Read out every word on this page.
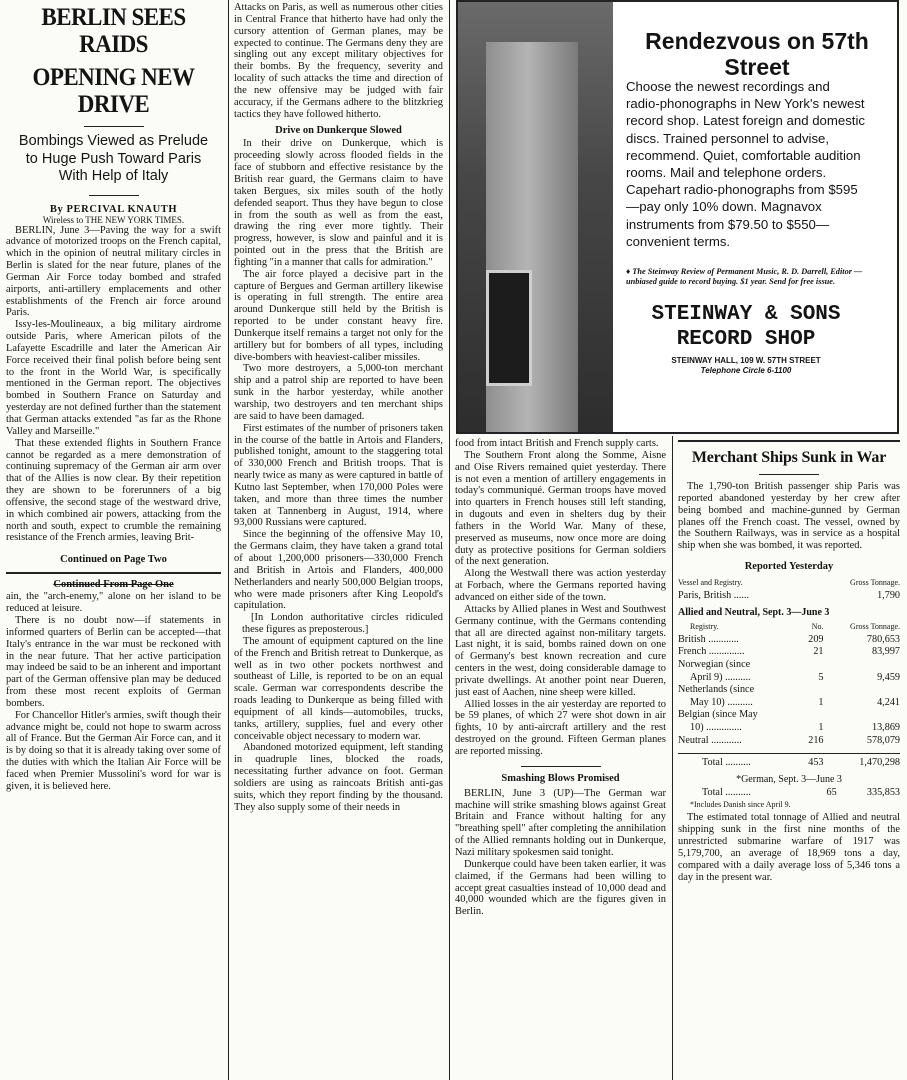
BERLIN SEES RAIDS

OPENING NEW DRIVE

Bombings Viewed as Prelude to Huge Push Toward Paris With Help of Italy

By PERCIVAL KNAUTH

Wireless to THE NEW YORK TIMES.

BERLIN, June 3—Paving the way for a swift advance of motorized troops on the French capital, which in the opinion of neutral military circles in Berlin is slated for the near future, planes of the German Air Force today bombed and strafed airports, anti-artillery emplacements and other establishments of the French air force around Paris.

Issy-les-Moulineaux, a big military airdrome outside Paris, where American pilots of the Lafayette Escadrille and later the American Air Force received their final polish before being sent to the front in the World War, is specifically mentioned in the German report. The objectives bombed in Southern France on Saturday and yesterday are not defined further than the statement that German attacks extended "as far as the Rhone Valley and Marseille."

That these extended flights in Southern France cannot be regarded as a mere demonstration of continuing supremacy of the German air arm over that of the Allies is now clear. By their repetition they are shown to be forerunners of a big offensive, the second stage of the westward drive, in which combined air powers, attacking from the north and south, expect to crumble the remaining resistance of the French armies, leaving Brit-

Continued on Page Two

Continued From Page One

ain, the "arch-enemy," alone on her island to be reduced at leisure.

There is no doubt now—if statements in informed quarters of Berlin can be accepted—that Italy's entrance in the war must be reckoned with in the near future. That her active participation may indeed be said to be an inherent and important part of the German offensive plan may be deduced from these most recent exploits of German bombers.

For Chancellor Hitler's armies, swift though their advance might be, could not hope to swarm across all of France. But the German Air Force can, and it is by doing so that it is already taking over some of the duties with which the Italian Air Force will be faced when Premier Mussolini's word for war is given, it is believed here.

Attacks on Paris, as well as numerous other cities in Central France that hitherto have had only the cursory attention of German planes, may be expected to continue. The Germans deny they are singling out any except military objectives for their bombs. By the frequency, severity and locality of such attacks the time and direction of the new offensive may be judged with fair accuracy, if the Germans adhere to the blitzkrieg tactics they have followed hitherto.

Drive on Dunkerque Slowed

In their drive on Dunkerque, which is proceeding slowly across flooded fields in the face of stubborn and effective resistance by the British rear guard, the Germans claim to have taken Bergues, six miles south of the hotly defended seaport. Thus they have begun to close in from the south as well as from the east, drawing the ring ever more tightly. Their progress, however, is slow and painful and it is pointed out in the press that the British are fighting "in a manner that calls for admiration."

The air force played a decisive part in the capture of Bergues and German artillery likewise is operating in full strength. The entire area around Dunkerque still held by the British is reported to be under constant heavy fire. Dunkerque itself remains a target not only for the artillery but for bombers of all types, including dive-bombers with heaviest-caliber missiles.

Two more destroyers, a 5,000-ton merchant ship and a patrol ship are reported to have been sunk in the harbor yesterday, while another warship, two destroyers and ten merchant ships are said to have been damaged.

First estimates of the number of prisoners taken in the course of the battle in Artois and Flanders, published tonight, amount to the staggering total of 330,000 French and British troops. That is nearly twice as many as were captured in battle of Kutno last September, when 170,000 Poles were taken, and more than three times the number taken at Tannenberg in August, 1914, where 93,000 Russians were captured.

Since the beginning of the offensive May 10, the Germans claim, they have taken a grand total of about 1,200,000 prisoners—330,000 French and British in Artois and Flanders, 400,000 Netherlanders and nearly 500,000 Belgian troops, who were made prisoners after King Leopold's capitulation.

[In London authoritative circles ridiculed these figures as preposterous.]

The amount of equipment captured on the line of the French and British retreat to Dunkerque, as well as in two other pockets northwest and southeast of Lille, is reported to be on an equal scale. German war correspondents describe the roads leading to Dunkerque as being filled with equipment of all kinds—automobiles, trucks, tanks, artillery, supplies, fuel and every other conceivable object necessary to modern war.

Abandoned motorized equipment, left standing in quadruple lines, blocked the roads, necessitating further advance on foot. German soldiers are using as raincoats British anti-gas suits, which they report finding by the thousand. They also supply some of their needs in

Rendezvous on 57th Street

Choose the newest recordings and radio-phonographs in New York's newest record shop. Latest foreign and domestic discs. Trained personnel to advise, recommend. Quiet, comfortable audition rooms. Mail and telephone orders. Capehart radio-phonographs from $595—pay only 10% down. Magnavox instruments from $79.50 to $550—convenient terms.

♦ The Steinway Review of Permanent Music, R. D. Darrell, Editor — unbiased guide to record buying. $1 year. Send for free issue.

STEINWAY & SONS

RECORD SHOP

STEINWAY HALL, 109 W. 57TH STREET

Telephone Circle 6-1100

food from intact British and French supply carts.

The Southern Front along the Somme, Aisne and Oise Rivers remained quiet yesterday. There is not even a mention of artillery engagements in today's communiqué. German troops have moved into quarters in French houses still left standing, in dugouts and even in shelters dug by their fathers in the World War. Many of these, preserved as museums, now once more are doing duty as protective positions for German soldiers of the next generation.

Along the Westwall there was action yesterday at Forbach, where the Germans reported having advanced on either side of the town.

Attacks by Allied planes in West and Southwest Germany continue, with the Germans contending that all are directed against non-military targets. Last night, it is said, bombs rained down on one of Germany's best known recreation and cure centers in the west, doing considerable damage to private dwellings. At another point near Dueren, just east of Aachen, nine sheep were killed.

Allied losses in the air yesterday are reported to be 59 planes, of which 27 were shot down in air fights, 10 by anti-aircraft artillery and the rest destroyed on the ground. Fifteen German planes are reported missing.

Smashing Blows Promised

BERLIN, June 3 (UP)—The German war machine will strike smashing blows against Great Britain and France without halting for any "breathing spell" after completing the annihilation of the Allied remnants holding out in Dunkerque, Nazi military spokesmen said tonight.

Dunkerque could have been taken earlier, it was claimed, if the Germans had been willing to accept great casualties instead of 10,000 dead and 40,000 wounded which are the figures given in Berlin.

Merchant Ships Sunk in War

The 1,790-ton British passenger ship Paris was reported abandoned yesterday by her crew after being bombed and machine-gunned by German planes off the French coast. The vessel, owned by the Southern Railways, was in service as a hospital ship when she was bombed, it was reported.

Reported Yesterday

Vessel and Registry.	Gross Tonnage.
Paris, British ......	1,790

Allied and Neutral, Sept. 3—June 3

Registry.	No.	Gross Tonnage.
British ............	209	780,653
French ..............	21	83,997
Norwegian (since		
April 9) ..........	5	9,459
Netherlands (since		
May 10) ..........	1	4,241
Belgian (since May		
10) ..............	1	13,869
Neutral ............	216	578,079

Total ..........	453	1,470,298

*German, Sept. 3—June 3

Total ..........	65	335,853

*Includes Danish since April 9.

The estimated total tonnage of Allied and neutral shipping sunk in the first nine months of the unrestricted submarine warfare of 1917 was 5,179,700, an average of 18,969 tons a day, compared with a daily average loss of 5,346 tons a day in the present war.
